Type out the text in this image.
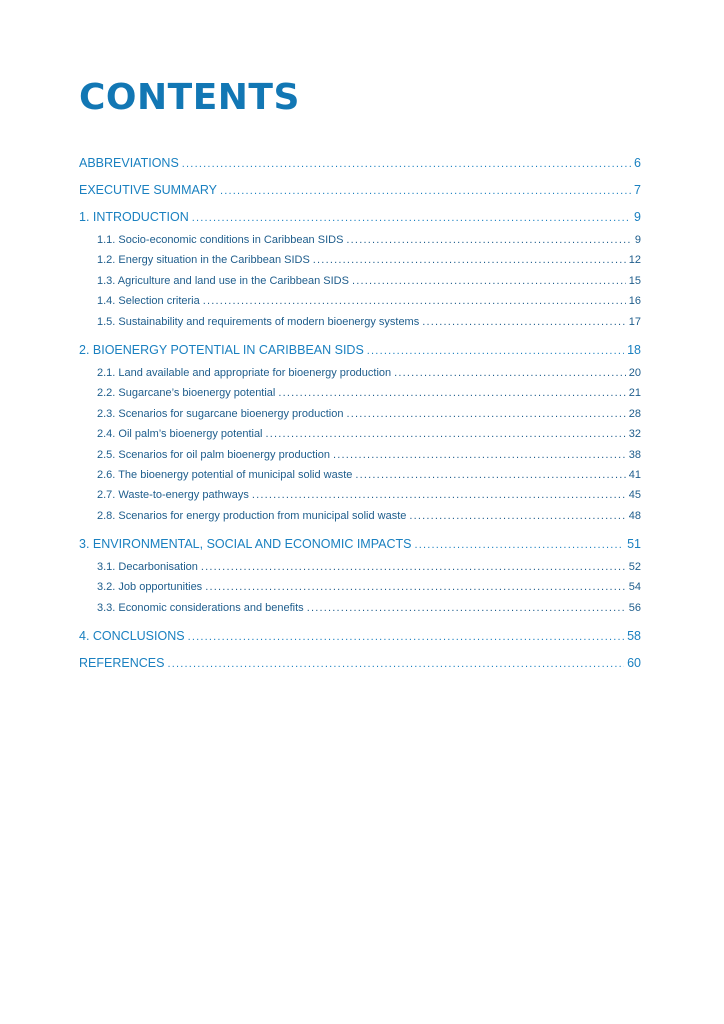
CONTENTS
ABBREVIATIONS .....	6
EXECUTIVE SUMMARY .....	7
1. INTRODUCTION .....	9
1.1. Socio-economic conditions in Caribbean SIDS .....	9
1.2. Energy situation in the Caribbean SIDS .....	12
1.3. Agriculture and land use in the Caribbean SIDS .....	15
1.4. Selection criteria .....	16
1.5. Sustainability and requirements of modern bioenergy systems .....	17
2. BIOENERGY POTENTIAL IN CARIBBEAN SIDS .....	18
2.1. Land available and appropriate for bioenergy production .....	20
2.2. Sugarcane’s bioenergy potential .....	21
2.3. Scenarios for sugarcane bioenergy production .....	28
2.4. Oil palm’s bioenergy potential .....	32
2.5. Scenarios for oil palm bioenergy production .....	38
2.6. The bioenergy potential of municipal solid waste .....	41
2.7. Waste-to-energy pathways .....	45
2.8. Scenarios for energy production from municipal solid waste .....	48
3. ENVIRONMENTAL, SOCIAL AND ECONOMIC IMPACTS .....	51
3.1. Decarbonisation .....	52
3.2. Job opportunities .....	54
3.3. Economic considerations and benefits .....	56
4. CONCLUSIONS .....	58
REFERENCES .....	60
